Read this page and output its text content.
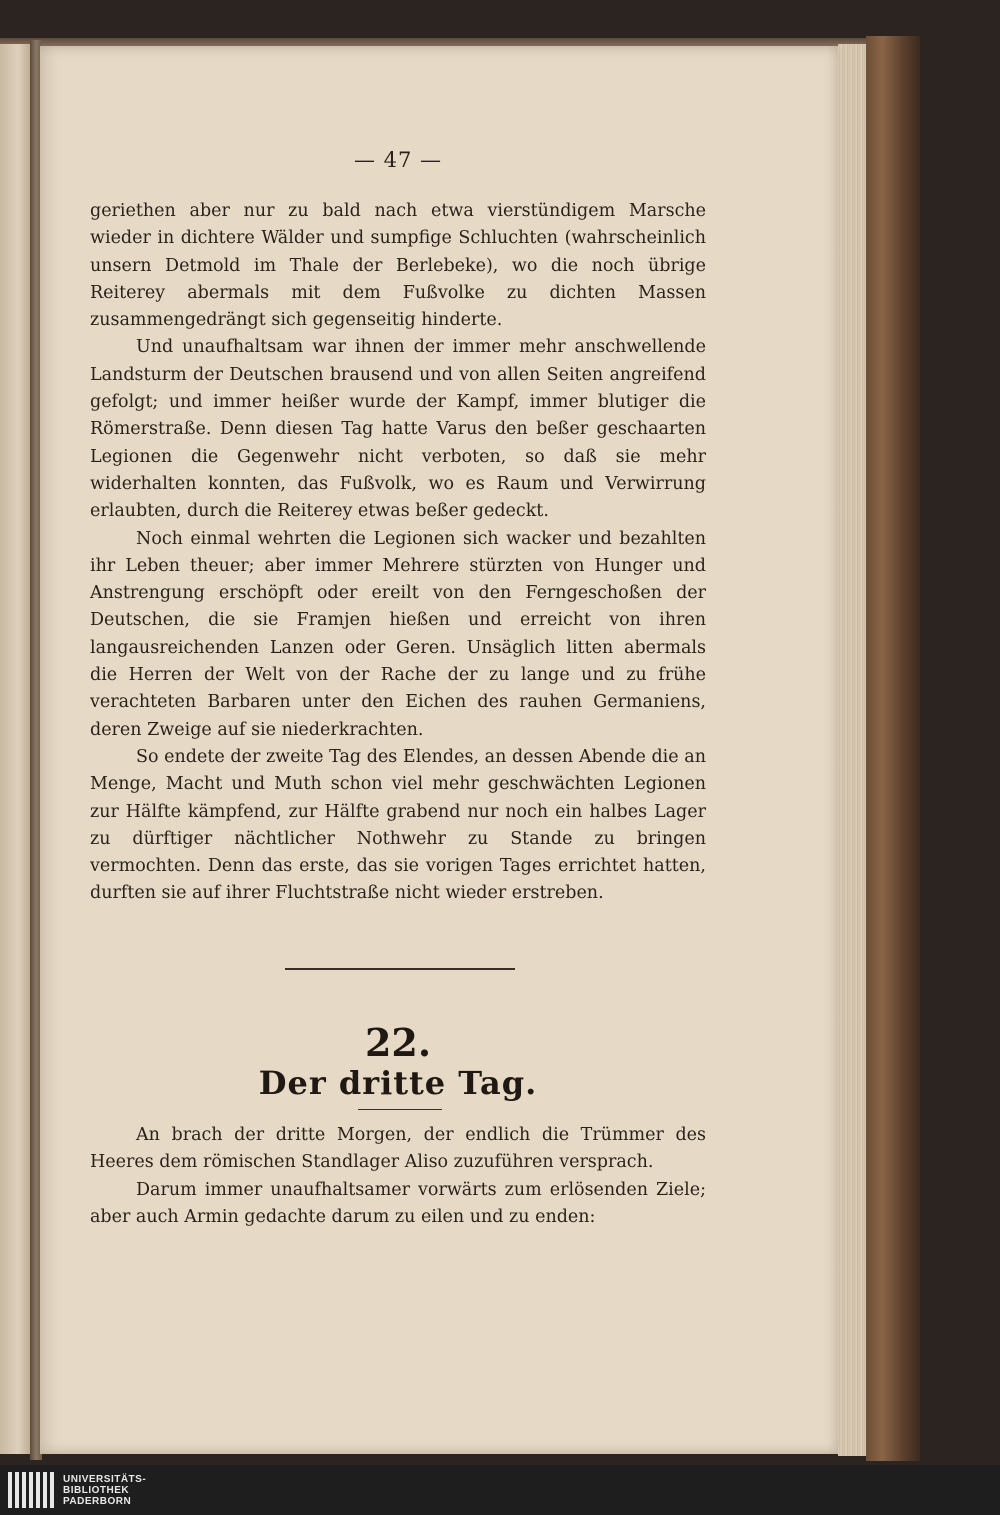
— 47 —

geriethen aber nur zu bald nach etwa vierstündigem Marsche wieder in dichtere Wälder und sumpfige Schluchten (wahrscheinlich unsern Detmold im Thale der Berlebeke), wo die noch übrige Reiterey abermals mit dem Fußvolke zu dichten Massen zusammengedrängt sich gegenseitig hinderte.

Und unaufhaltsam war ihnen der immer mehr anschwellende Landsturm der Deutschen brausend und von allen Seiten angreifend gefolgt; und immer heißer wurde der Kampf, immer blutiger die Römerstraße. Denn diesen Tag hatte Varus den beßer geschaarten Legionen die Gegenwehr nicht verboten, so daß sie mehr widerhalten konnten, das Fußvolk, wo es Raum und Verwirrung erlaubten, durch die Reiterey etwas beßer gedeckt.

Noch einmal wehrten die Legionen sich wacker und bezahlten ihr Leben theuer; aber immer Mehrere stürzten von Hunger und Anstrengung erschöpft oder ereilt von den Ferngeschoßen der Deutschen, die sie Framjen hießen und erreicht von ihren langausreichenden Lanzen oder Geren. Unsäglich litten abermals die Herren der Welt von der Rache der zu lange und zu frühe verachteten Barbaren unter den Eichen des rauhen Germaniens, deren Zweige auf sie niederkrachten.

So endete der zweite Tag des Elendes, an dessen Abende die an Menge, Macht und Muth schon viel mehr geschwächten Legionen zur Hälfte kämpfend, zur Hälfte grabend nur noch ein halbes Lager zu dürftiger nächtlicher Nothwehr zu Stande zu bringen vermochten. Denn das erste, das sie vorigen Tages errichtet hatten, durften sie auf ihrer Fluchtstraße nicht wieder erstreben.

22.
Der dritte Tag.

An brach der dritte Morgen, der endlich die Trümmer des Heeres dem römischen Standlager Aliso zuzuführen versprach.

Darum immer unaufhaltsamer vorwärts zum erlösenden Ziele; aber auch Armin gedachte darum zu eilen und zu enden:

UNIVERSITÄTS-
BIBLIOTHEK
PADERBORN
